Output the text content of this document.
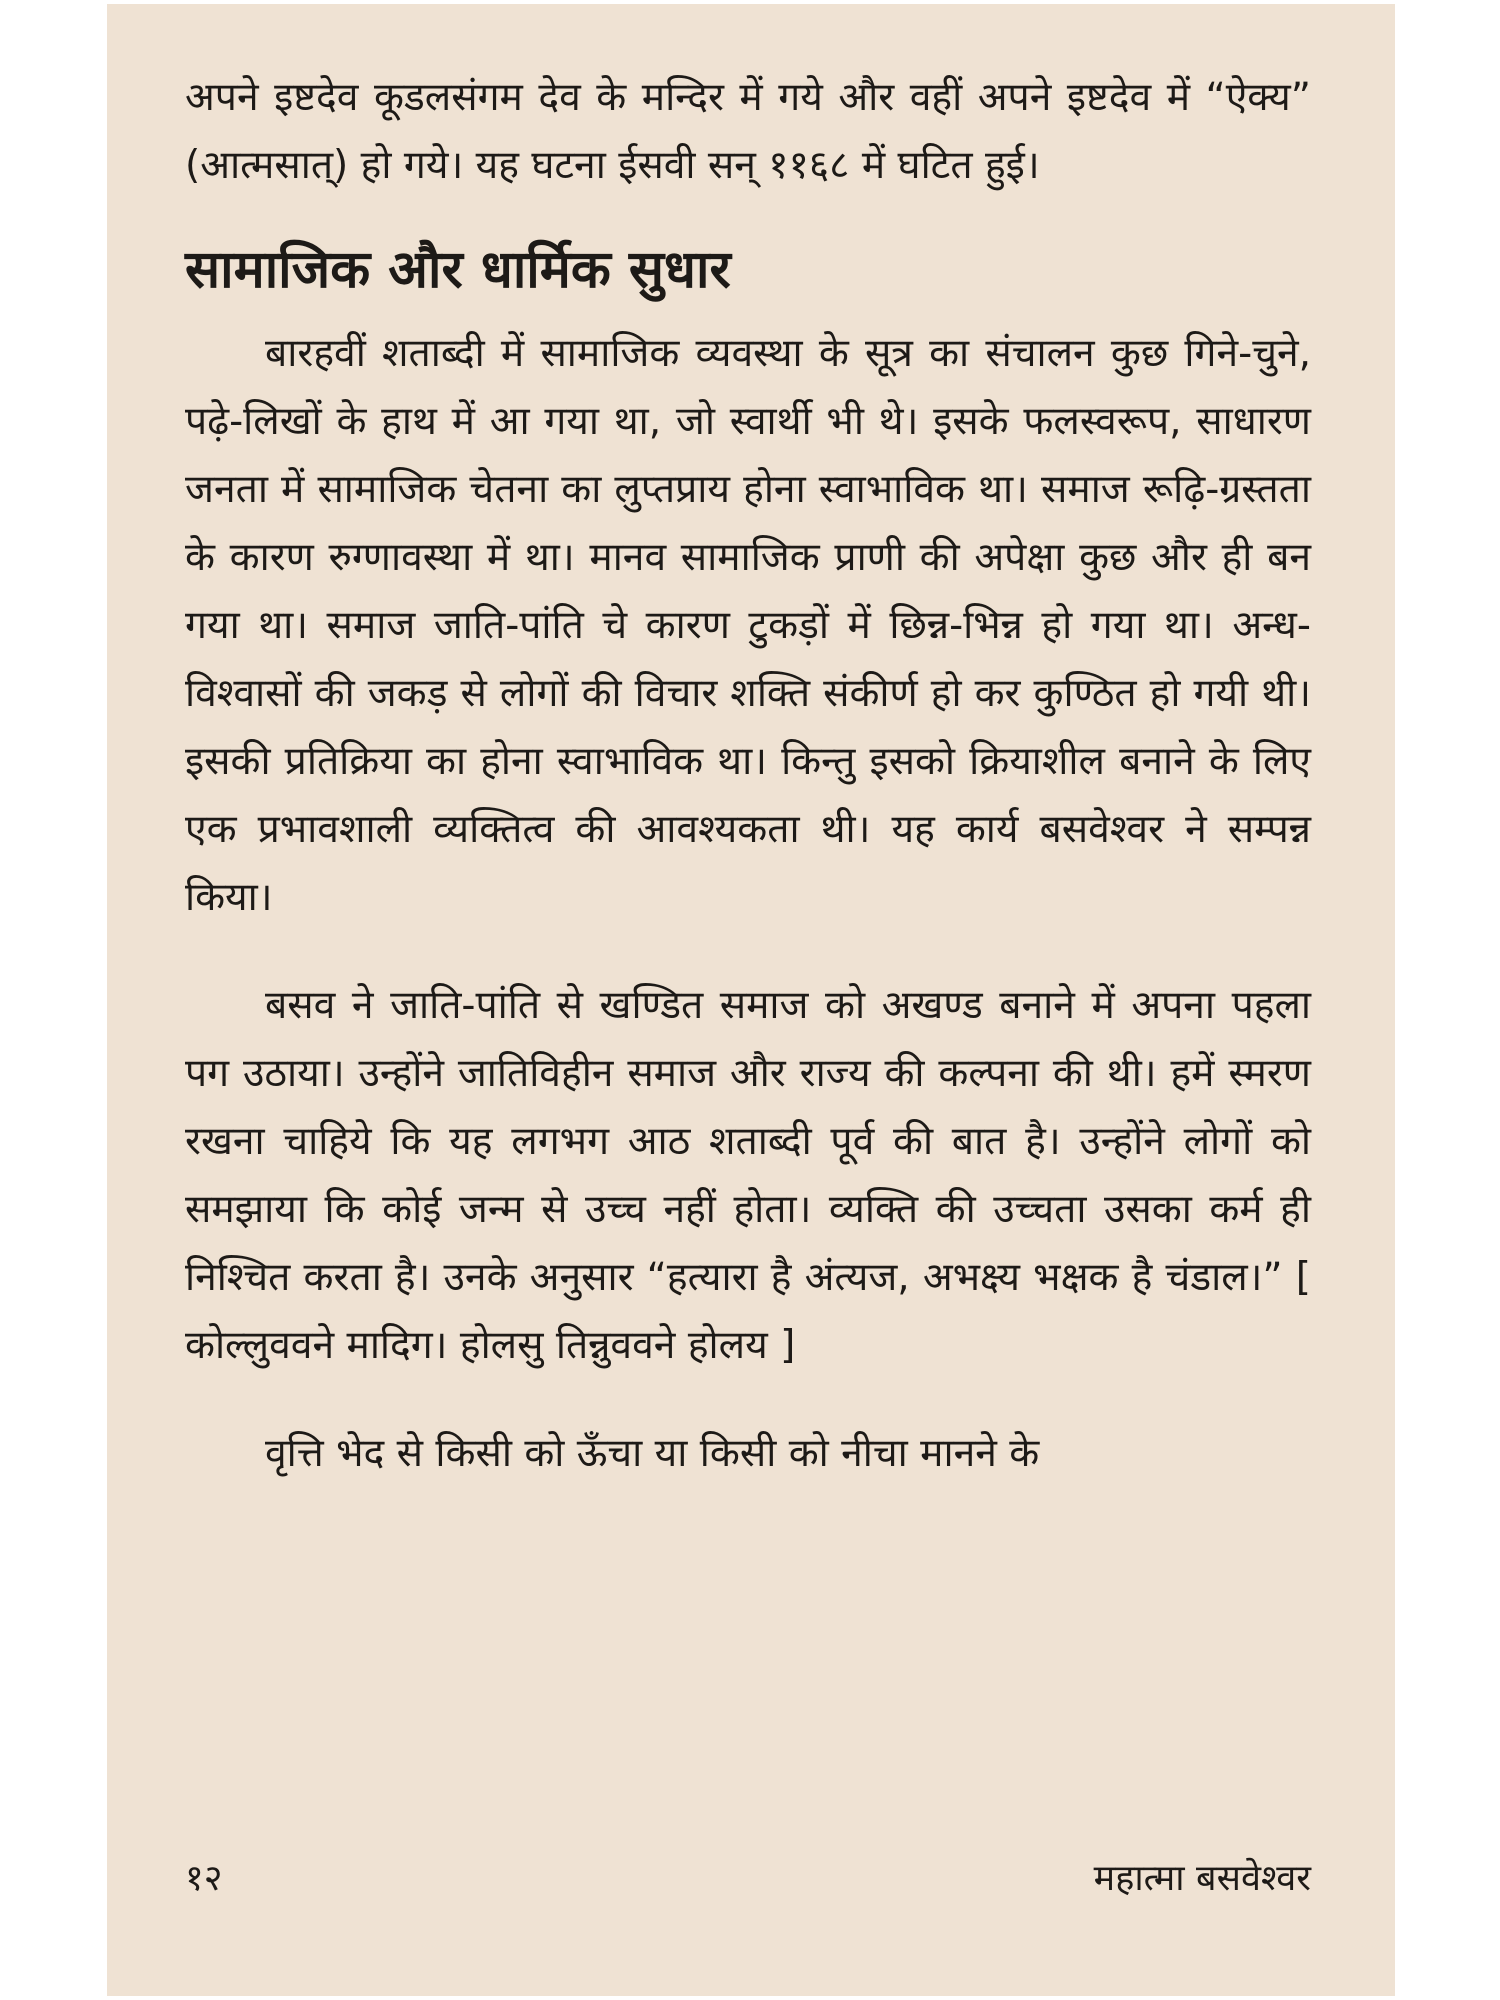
अपने इष्टदेव कूडलसंगम देव के मन्दिर में गये और वहीं अपने इष्टदेव में “ऐक्य” (आत्मसात्) हो गये। यह घटना ईसवी सन् ११६८ में घटित हुई।

सामाजिक और धार्मिक सुधार

बारहवीं शताब्दी में सामाजिक व्यवस्था के सूत्र का संचालन कुछ गिने-चुने, पढ़े-लिखों के हाथ में आ गया था, जो स्वार्थी भी थे। इसके फलस्वरूप, साधारण जनता में सामाजिक चेतना का लुप्तप्राय होना स्वाभाविक था। समाज रूढ़ि-ग्रस्तता के कारण रुग्णावस्था में था। मानव सामाजिक प्राणी की अपेक्षा कुछ और ही बन गया था। समाज जाति-पांति चे कारण टुकड़ों में छिन्न-भिन्न हो गया था। अन्ध-विश्वासों की जकड़ से लोगों की विचार शक्ति संकीर्ण हो कर कुण्ठित हो गयी थी। इसकी प्रतिक्रिया का होना स्वाभाविक था। किन्तु इसको क्रियाशील बनाने के लिए एक प्रभावशाली व्यक्तित्व की आवश्यकता थी। यह कार्य बसवेश्वर ने सम्पन्न किया।

बसव ने जाति-पांति से खण्डित समाज को अखण्ड बनाने में अपना पहला पग उठाया। उन्होंने जातिविहीन समाज और राज्य की कल्पना की थी। हमें स्मरण रखना चाहिये कि यह लगभग आठ शताब्दी पूर्व की बात है। उन्होंने लोगों को समझाया कि कोई जन्म से उच्च नहीं होता। व्यक्ति की उच्चता उसका कर्म ही निश्चित करता है। उनके अनुसार “हत्यारा है अंत्यज, अभक्ष्य भक्षक है चंडाल।” [ कोल्लुववने मादिग। होलसु तिन्नुववने होलय ]

वृत्ति भेद से किसी को ऊँचा या किसी को नीचा मानने के

१२	महात्मा बसवेश्वर
